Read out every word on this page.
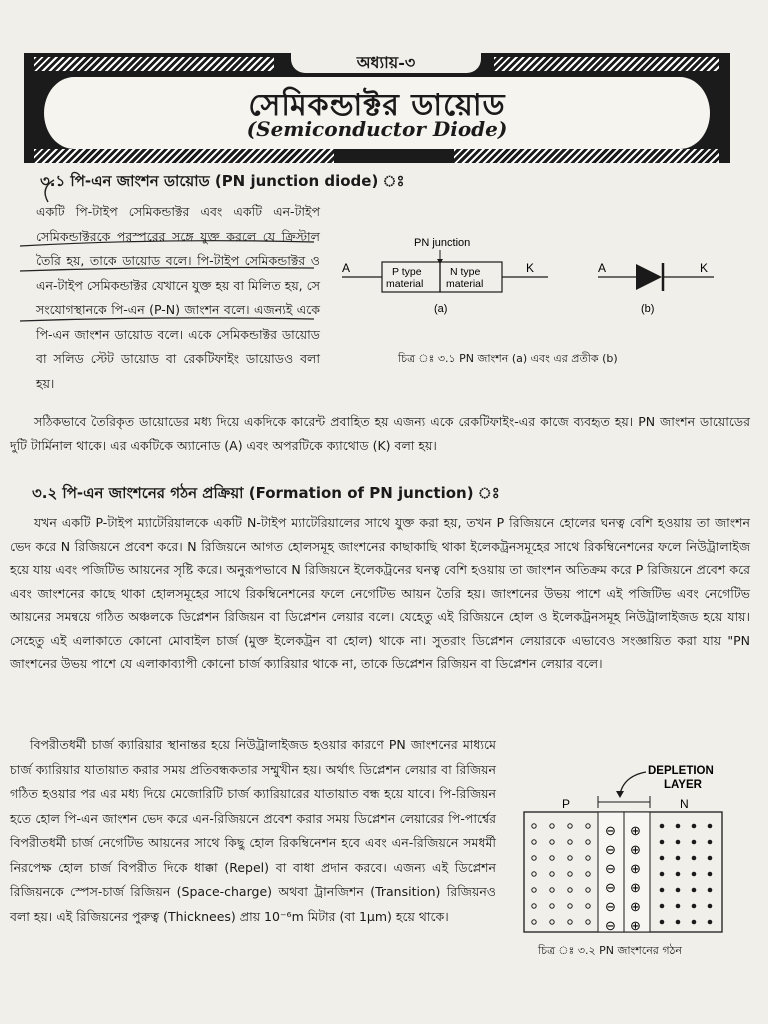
অধ্যায়-৩
সেমিকন্ডাক্টর ডায়োড
(Semiconductor Diode)
৩.১ পি-এন জাংশন ডায়োড (PN junction diode) ঃ
একটি পি-টাইপ সেমিকন্ডাক্টর এবং একটি এন-টাইপ সেমিকন্ডাক্টরকে পরস্পরের সঙ্গে যুক্ত করলে যে ক্রিস্টাল তৈরি হয়, তাকে ডায়োড বলে। পি-টাইপ সেমিকন্ডাক্টর ও এন-টাইপ সেমিকন্ডাক্টর যেখানে যুক্ত হয় বা মিলিত হয়, সে সংযোগস্থানকে পি-এন (P-N) জাংশন বলে। এজন্যই একে পি-এন জাংশন ডায়োড বলে। একে সেমিকন্ডাক্টর ডায়োড বা সলিড স্টেট ডায়োড বা রেকটিফাইং ডায়োডও বলা হয়।
PN junction
A	P type
material
N type
material
K
(a)
A	K
(b)
চিত্র ঃ ৩.১ PN জাংশন (a) এবং এর প্রতীক (b)
সঠিকভাবে তৈরিকৃত ডায়োডের মধ্য দিয়ে একদিকে কারেন্ট প্রবাহিত হয় এজন্য একে রেকটিফাইং-এর কাজে ব্যবহৃত হয়। PN জাংশন ডায়োডের দুটি টার্মিনাল থাকে। এর একটিকে অ্যানোড (A) এবং অপরটিকে ক্যাথোড (K) বলা হয়।
৩.২ পি-এন জাংশনের গঠন প্রক্রিয়া (Formation of PN junction) ঃ
যখন একটি P-টাইপ ম্যাটেরিয়ালকে একটি N-টাইপ ম্যাটেরিয়ালের সাথে যুক্ত করা হয়, তখন P রিজিয়নে হোলের ঘনত্ব বেশি হওয়ায় তা জাংশন ভেদ করে N রিজিয়নে প্রবেশ করে। N রিজিয়নে আগত হোলসমূহ জাংশনের কাছাকাছি থাকা ইলেকট্রনসমূহের সাথে রিকম্বিনেশনের ফলে নিউট্রালাইজ হয়ে যায় এবং পজিটিভ আয়নের সৃষ্টি করে। অনুরূপভাবে N রিজিয়নে ইলেকট্রনের ঘনত্ব বেশি হওয়ায় তা জাংশন অতিক্রম করে P রিজিয়নে প্রবেশ করে এবং জাংশনের কাছে থাকা হোলসমূহের সাথে রিকম্বিনেশনের ফলে নেগেটিভ আয়ন তৈরি হয়। জাংশনের উভয় পাশে এই পজিটিভ এবং নেগেটিভ আয়নের সমন্বয়ে গঠিত অঞ্চলকে ডিপ্লেশন রিজিয়ন বা ডিপ্লেশন লেয়ার বলে। যেহেতু এই রিজিয়নে হোল ও ইলেকট্রনসমূহ নিউট্রালাইজড হয়ে যায়। সেহেতু এই এলাকাতে কোনো মোবাইল চার্জ (মুক্ত ইলেকট্রন বা হোল) থাকে না। সুতরাং ডিপ্লেশন লেয়ারকে এভাবেও সংজ্ঞায়িত করা যায় "PN জাংশনের উভয় পাশে যে এলাকাব্যাপী কোনো চার্জ ক্যারিয়ার থাকে না, তাকে ডিপ্লেশন রিজিয়ন বা ডিপ্লেশন লেয়ার বলে।
বিপরীতধর্মী চার্জ ক্যারিয়ার স্থানান্তর হয়ে নিউট্রালাইজড হওয়ার কারণে PN জাংশনের মাধ্যমে চার্জ ক্যারিয়ার যাতায়াত করার সময় প্রতিবন্ধকতার সম্মুখীন হয়। অর্থাৎ ডিপ্লেশন লেয়ার বা রিজিয়ন গঠিত হওয়ার পর এর মধ্য দিয়ে মেজোরিটি চার্জ ক্যারিয়ারের যাতায়াত বন্ধ হয়ে যাবে। পি-রিজিয়ন হতে হোল পি-এন জাংশন ভেদ করে এন-রিজিয়নে প্রবেশ করার সময় ডিপ্লেশন লেয়ারের পি-পার্শ্বের বিপরীতধর্মী চার্জ নেগেটিভ আয়নের সাথে কিছু হোল রিকম্বিনেশন হবে এবং এন-রিজিয়নে সমধর্মী নিরপেক্ষ হোল চার্জ বিপরীত দিকে ধাক্কা (Repel) বা বাধা প্রদান করবে। এজন্য এই ডিপ্লেশন রিজিয়নকে স্পেস-চার্জ রিজিয়ন (Space-charge) অথবা ট্রানজিশন (Transition) রিজিয়নও বলা হয়। এই রিজিয়নের পুরুত্ব (Thicknees) প্রায় 10⁻⁶m মিটার (বা 1μm) হয়ে থাকে।
DEPLETION
LAYER
P	N
⊖ ⊕
⊖ ⊕
⊖ ⊕
⊖ ⊕
⊖ ⊕
⊖ ⊕
চিত্র ঃ ৩.২ PN জাংশনের গঠন
